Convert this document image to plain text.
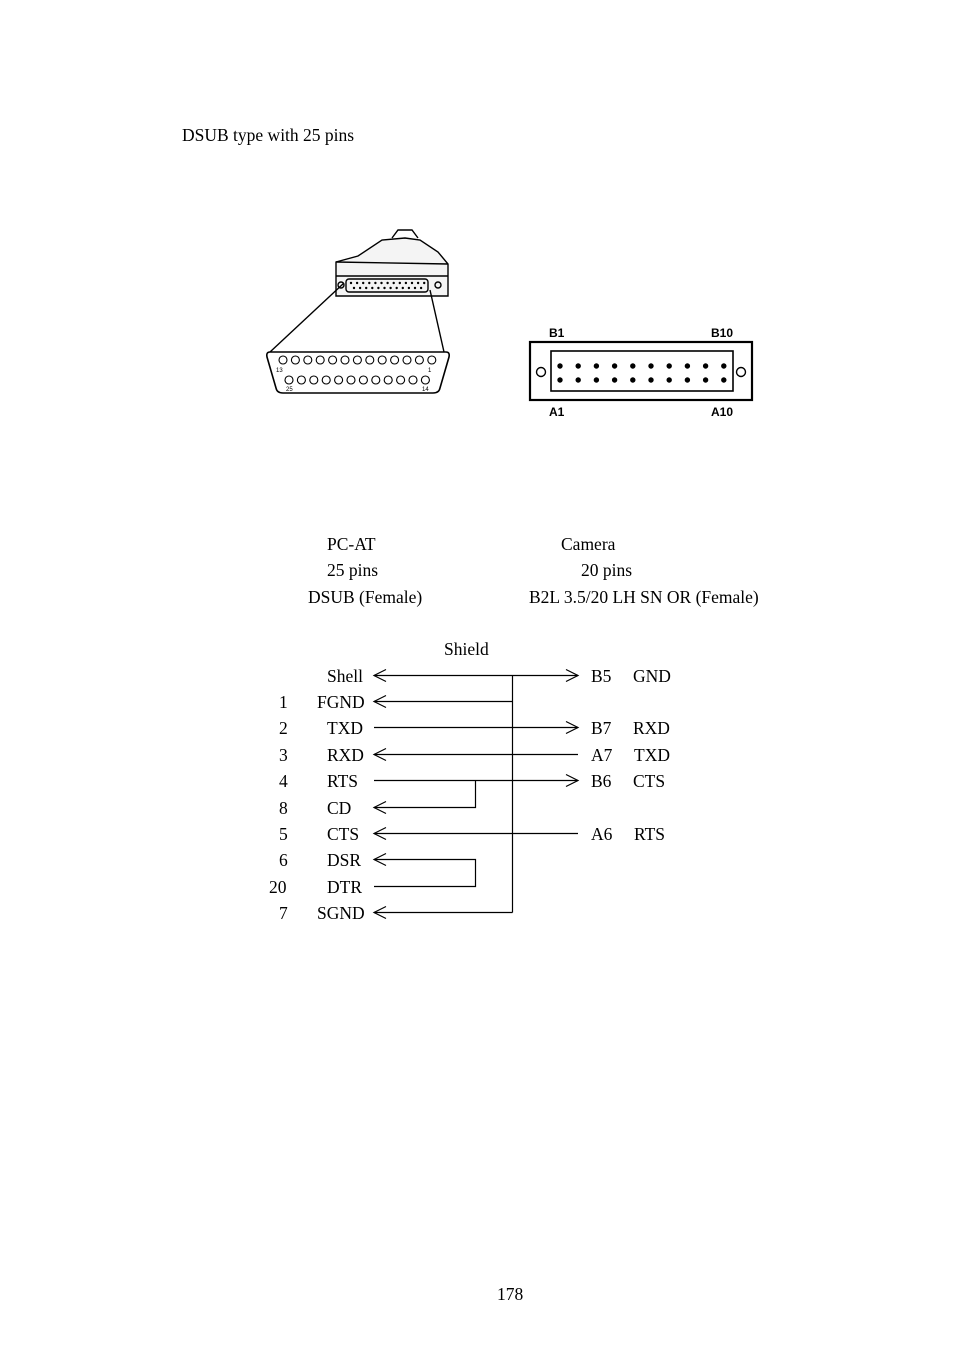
DSUB type with 25 pins
13	1
25	14
B1	B10
A1	A10
PC-AT
25 pins
DSUB (Female)
Camera
20 pins
B2L 3.5/20 LH SN OR (Female)
Shield
Shell
1 FGND
2 TXD
3 RXD
4 RTS
8 CD
5 CTS
6 DSR
20 DTR
7 SGND
B5 GND
B7 RXD
A7 TXD
B6 CTS
A6 RTS
178
